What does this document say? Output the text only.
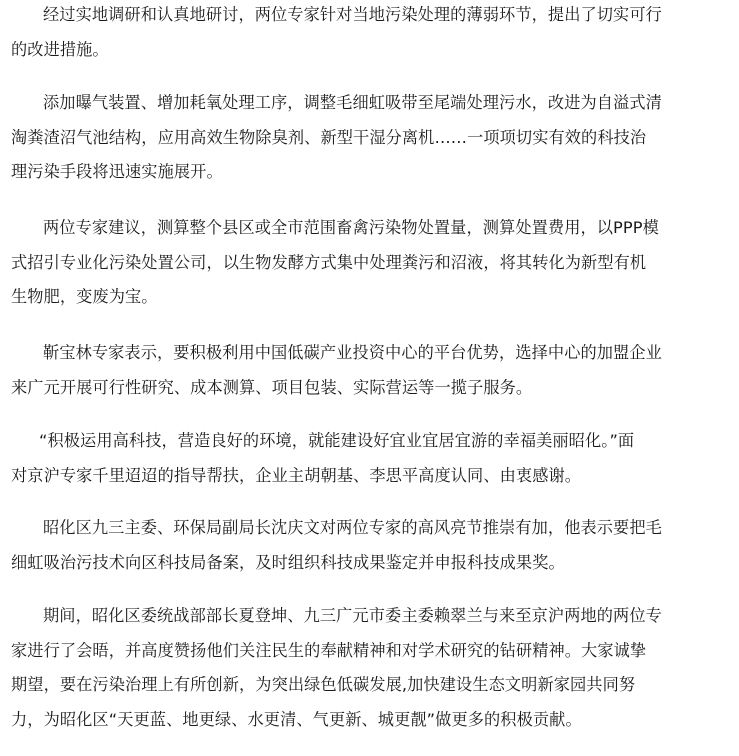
经过实地调研和认真地研讨，两位专家针对当地污染处理的薄弱环节，提出了切实可行
的改进措施。
添加曝气装置、增加耗氧处理工序，调整毛细虹吸带至尾端处理污水，改进为自溢式清
淘粪渣沼气池结构，应用高效生物除臭剂、新型干湿分离机……一项项切实有效的科技治
理污染手段将迅速实施展开。
两位专家建议，测算整个县区或全市范围畜禽污染物处置量，测算处置费用，以PPP模
式招引专业化污染处置公司，以生物发酵方式集中处理粪污和沼液，将其转化为新型有机
生物肥，变废为宝。
靳宝林专家表示，要积极利用中国低碳产业投资中心的平台优势，选择中心的加盟企业
来广元开展可行性研究、成本测算、项目包装、实际营运等一揽子服务。
“积极运用高科技，营造良好的环境，就能建设好宜业宜居宜游的幸福美丽昭化。”面
对京沪专家千里迢迢的指导帮扶，企业主胡朝基、李思平高度认同、由衷感谢。
昭化区九三主委、环保局副局长沈庆文对两位专家的高风亮节推崇有加，他表示要把毛
细虹吸治污技术向区科技局备案，及时组织科技成果鉴定并申报科技成果奖。
期间，昭化区委统战部部长夏登坤、九三广元市委主委赖翠兰与来至京沪两地的两位专
家进行了会晤，并高度赞扬他们关注民生的奉献精神和对学术研究的钻研精神。大家诚挚
期望，要在污染治理上有所创新，为突出绿色低碳发展,加快建设生态文明新家园共同努
力，为昭化区“天更蓝、地更绿、水更清、气更新、城更靓”做更多的积极贡献。
